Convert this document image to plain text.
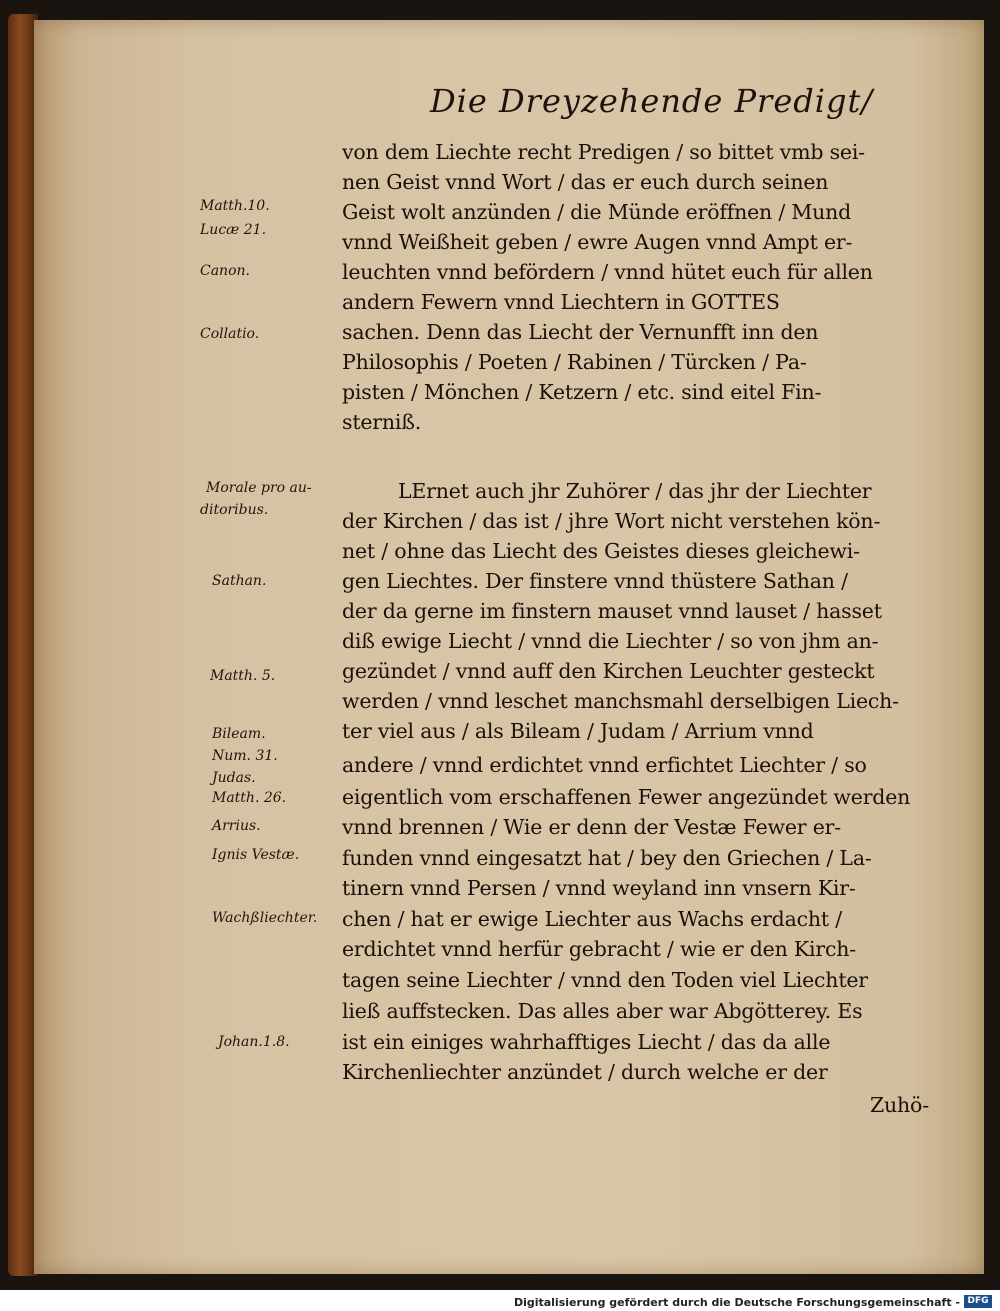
Die Dreyzehende Predigt/
Matth.10.
Lucæ 21.
Canon.
Collatio.
Morale pro au-
ditoribus.
Sathan.
Matth. 5.
Bileam.
Num. 31.
Judas.
Matth. 26.
Arrius.
Ignis Vestæ.
Wachßliechter.
Johan.1.8.
von dem Liechte recht Predigen / so bittet vmb sei-
nen Geist vnnd Wort / das er euch durch seinen
Geist wolt anzünden / die Münde eröffnen / Mund
vnnd Weißheit geben / ewre Augen vnnd Ampt er-
leuchten vnnd befördern / vnnd hütet euch für allen
andern Fewern vnnd Liechtern in GOTTES
sachen. Denn das Liecht der Vernunfft inn den
Philosophis / Poeten / Rabinen / Türcken / Pa-
pisten / Mönchen / Ketzern / etc. sind eitel Fin-
sterniß.
LErnet auch jhr Zuhörer / das jhr der Liechter
der Kirchen / das ist / jhre Wort nicht verstehen kön-
net / ohne das Liecht des Geistes dieses gleichewi-
gen Liechtes. Der finstere vnnd thüstere Sathan /
der da gerne im finstern mauset vnnd lauset / hasset
diß ewige Liecht / vnnd die Liechter / so von jhm an-
gezündet / vnnd auff den Kirchen Leuchter gesteckt
werden / vnnd leschet manchsmahl derselbigen Liech-
ter viel aus / als Bileam / Judam / Arrium vnnd
andere / vnnd erdichtet vnnd erfichtet Liechter / so
eigentlich vom erschaffenen Fewer angezündet werden
vnnd brennen / Wie er denn der Vestæ Fewer er-
funden vnnd eingesatzt hat / bey den Griechen / La-
tinern vnnd Persen / vnnd weyland inn vnsern Kir-
chen / hat er ewige Liechter aus Wachs erdacht /
erdichtet vnnd herfür gebracht / wie er den Kirch-
tagen seine Liechter / vnnd den Toden viel Liechter
ließ auffstecken. Das alles aber war Abgötterey. Es
ist ein einiges wahrhafftiges Liecht / das da alle
Kirchenliechter anzündet / durch welche er der
Zuhö-
Digitalisierung gefördert durch die Deutsche Forschungsgemeinschaft - DFG
